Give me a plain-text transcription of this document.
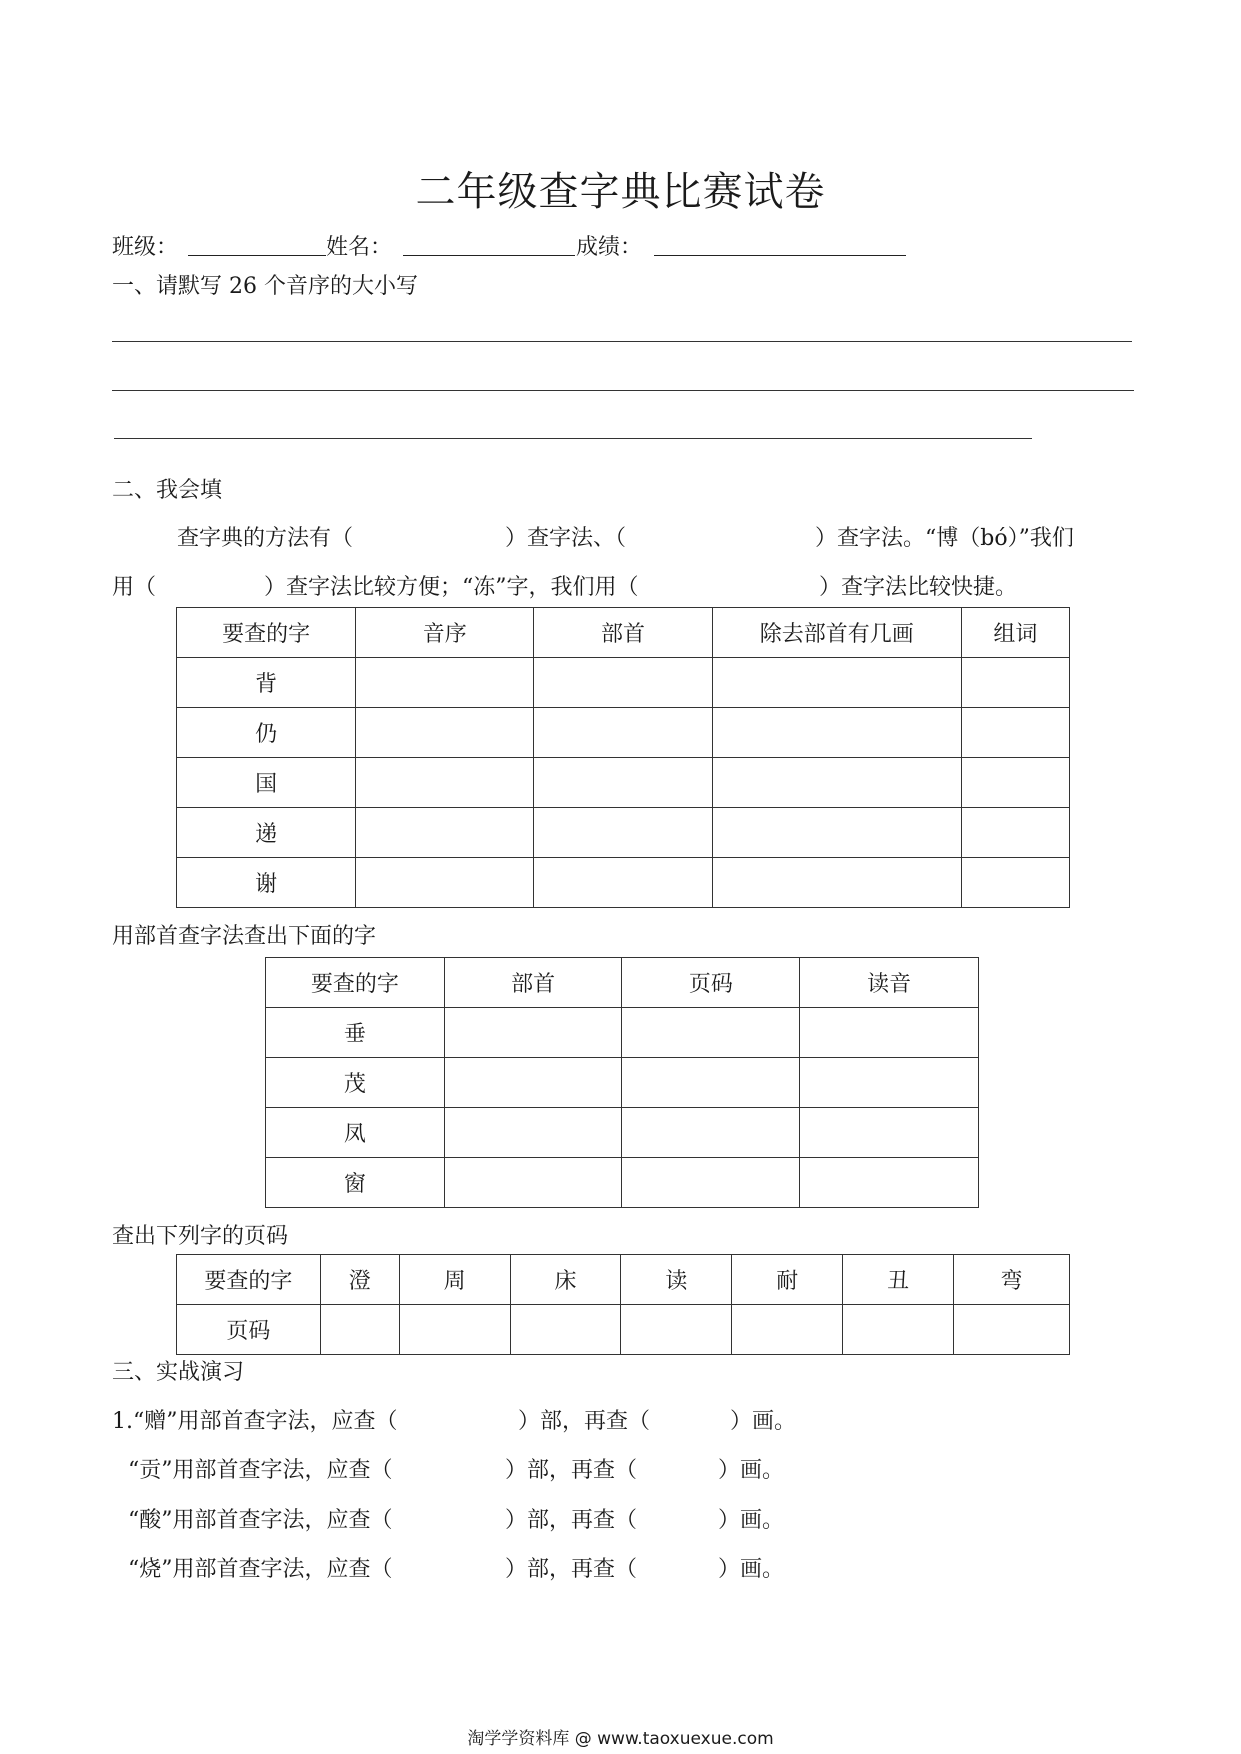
二年级查字典比赛试卷
班级：	姓名：	成绩：
一、请默写 26 个音序的大小写
二、我会填
查字典的方法有（	）查字法、（	）查字法。“博（bó）”我们
用（	）查字法比较方便；“冻”字，我们用（	）查字法比较快捷。
要查的字	音序	部首	除去部首有几画	组词
背				
仍				
国				
递				
谢				
用部首查字法查出下面的字
要查的字	部首	页码	读音
垂			
茂			
凤			
窗			
查出下列字的页码
要查的字	澄	周	床	读	耐	丑	弯
页码							
三、实战演习
1.“赠”用部首查字法，应查（	）部，再查（	）画。
“贡”用部首查字法，应查（	）部，再查（	）画。
“酸”用部首查字法，应查（	）部，再查（	）画。
“烧”用部首查字法，应查（	）部，再查（	）画。
淘学学资料库 @ www.taoxuexue.com
